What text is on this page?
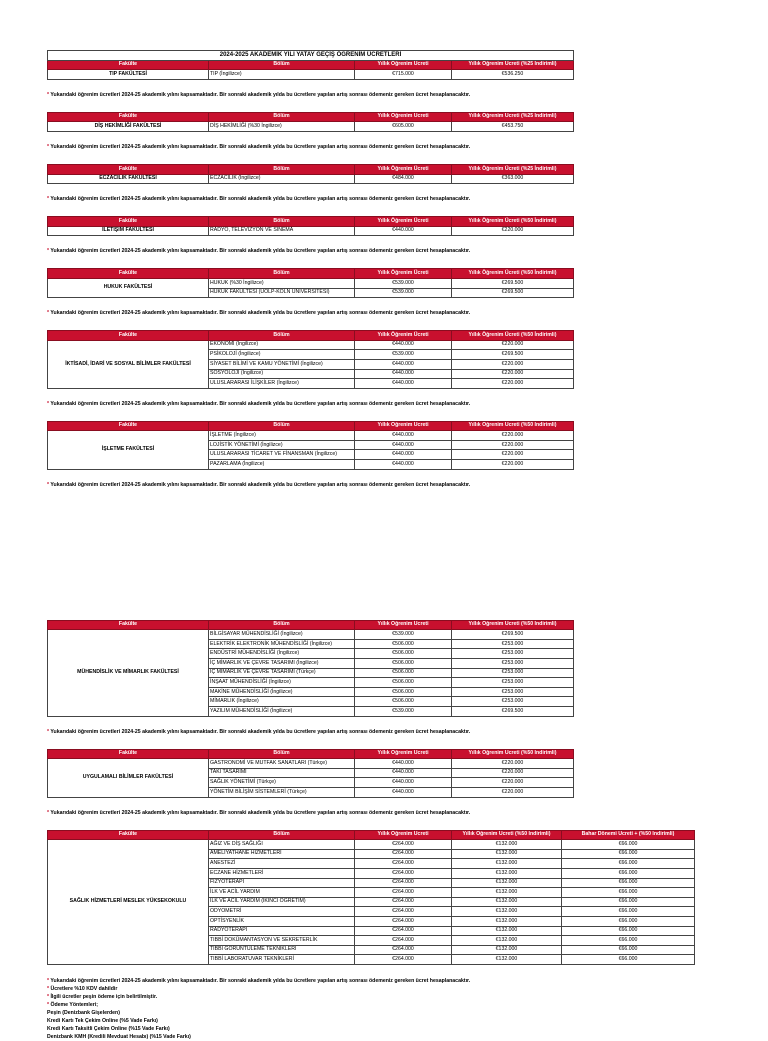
2024-2025 AKADEMİK YILI YATAY GEÇİŞ ÖĞRENİM ÜCRETLERİ			
Fakülte	Bölüm	Yıllık Öğrenim Ücreti	Yıllık Öğrenim Ücreti (%25 İndirimli)
TIP FAKÜLTESİ	TIP (İngilizce)	€715.000	€536.250

* Yukarıdaki öğrenim ücretleri 2024-25 akademik yılını kapsamaktadır. Bir sonraki akademik yılda bu ücretlere yapılan artış sonrası ödemeniz gereken ücret hesaplanacaktır.

Fakülte	Bölüm	Yıllık Öğrenim Ücreti	Yıllık Öğrenim Ücreti (%25 İndirimli)
DİŞ HEKİMLİĞİ FAKÜLTESİ	DİŞ HEKİMLİĞİ (%30 İngilizce)	€605.000	€453.750

* Yukarıdaki öğrenim ücretleri 2024-25 akademik yılını kapsamaktadır. Bir sonraki akademik yılda bu ücretlere yapılan artış sonrası ödemeniz gereken ücret hesaplanacaktır.

Fakülte	Bölüm	Yıllık Öğrenim Ücreti	Yıllık Öğrenim Ücreti (%25 İndirimli)
ECZACILIK FAKÜLTESİ	ECZACILIK (İngilizce)	€484.000	€363.000

* Yukarıdaki öğrenim ücretleri 2024-25 akademik yılını kapsamaktadır. Bir sonraki akademik yılda bu ücretlere yapılan artış sonrası ödemeniz gereken ücret hesaplanacaktır.

Fakülte	Bölüm	Yıllık Öğrenim Ücreti	Yıllık Öğrenim Ücreti (%50 İndirimli)
İLETİŞİM FAKÜLTESİ	RADYO, TELEVİZYON VE SİNEMA	€440.000	€220.000

* Yukarıdaki öğrenim ücretleri 2024-25 akademik yılını kapsamaktadır. Bir sonraki akademik yılda bu ücretlere yapılan artış sonrası ödemeniz gereken ücret hesaplanacaktır.

Fakülte	Bölüm	Yıllık Öğrenim Ücreti	Yıllık Öğrenim Ücreti (%50 İndirimli)
HUKUK FAKÜLTESİ	HUKUK (%30 İngilizce)	€539.000	€269.500
	HUKUK FAKÜLTESİ (UOLP-KÖLN ÜNİVERSİTESİ)	€539.000	€269.500

* Yukarıdaki öğrenim ücretleri 2024-25 akademik yılını kapsamaktadır. Bir sonraki akademik yılda bu ücretlere yapılan artış sonrası ödemeniz gereken ücret hesaplanacaktır.

Fakülte	Bölüm	Yıllık Öğrenim Ücreti	Yıllık Öğrenim Ücreti (%50 İndirimli)
İKTİSADİ, İDARİ VE SOSYAL BİLİMLER FAKÜLTESİ	EKONOMİ (İngilizce)	€440.000	€220.000
	PSİKOLOJİ (İngilizce)	€539.000	€269.500
	SİYASET BİLİMİ VE KAMU YÖNETİMİ (İngilizce)	€440.000	€220.000
	SOSYOLOJİ (İngilizce)	€440.000	€220.000
	ULUSLARARASI İLİŞKİLER (İngilizce)	€440.000	€220.000

* Yukarıdaki öğrenim ücretleri 2024-25 akademik yılını kapsamaktadır. Bir sonraki akademik yılda bu ücretlere yapılan artış sonrası ödemeniz gereken ücret hesaplanacaktır.

Fakülte	Bölüm	Yıllık Öğrenim Ücreti	Yıllık Öğrenim Ücreti (%50 İndirimli)
İŞLETME FAKÜLTESİ	İŞLETME (İngilizce)	€440.000	€220.000
	LOJİSTİK YÖNETİMİ (İngilizce)	€440.000	€220.000
	ULUSLARARASI TİCARET VE FİNANSMAN (İngilizce)	€440.000	€220.000
	PAZARLAMA (İngilizce)	€440.000	€220.000

* Yukarıdaki öğrenim ücretleri 2024-25 akademik yılını kapsamaktadır. Bir sonraki akademik yılda bu ücretlere yapılan artış sonrası ödemeniz gereken ücret hesaplanacaktır.

Fakülte	Bölüm	Yıllık Öğrenim Ücreti	Yıllık Öğrenim Ücreti (%50 İndirimli)
MÜHENDİSLİK VE MİMARLIK FAKÜLTESİ	BİLGİSAYAR MÜHENDİSLİĞİ (İngilizce)	€539.000	€269.500
	ELEKTRİK ELEKTRONİK MÜHENDİSLİĞİ (İngilizce)	€506.000	€253.000
	ENDÜSTRİ MÜHENDİSLİĞİ (İngilizce)	€506.000	€253.000
	İÇ MİMARLIK VE ÇEVRE TASARIMI (İngilizce)	€506.000	€253.000
	İÇ MİMARLIK VE ÇEVRE TASARIMI (Türkçe)	€506.000	€253.000
	İNŞAAT MÜHENDİSLİĞİ (İngilizce)	€506.000	€253.000
	MAKİNE MÜHENDİSLİĞİ (İngilizce)	€506.000	€253.000
	MİMARLIK (İngilizce)	€506.000	€253.000
	YAZILIM MÜHENDİSLİĞİ (İngilizce)	€539.000	€269.500

* Yukarıdaki öğrenim ücretleri 2024-25 akademik yılını kapsamaktadır. Bir sonraki akademik yılda bu ücretlere yapılan artış sonrası ödemeniz gereken ücret hesaplanacaktır.

Fakülte	Bölüm	Yıllık Öğrenim Ücreti	Yıllık Öğrenim Ücreti (%50 İndirimli)
UYGULAMALI BİLİMLER FAKÜLTESİ	GASTRONOMİ VE MUTFAK SANATLARI (Türkçe)	€440.000	€220.000
	TAKI TASARIMI	€440.000	€220.000
	SAĞLIK YÖNETİMİ (Türkçe)	€440.000	€220.000
	YÖNETİM BİLİŞİM SİSTEMLERİ (Türkçe)	€440.000	€220.000

* Yukarıdaki öğrenim ücretleri 2024-25 akademik yılını kapsamaktadır. Bir sonraki akademik yılda bu ücretlere yapılan artış sonrası ödemeniz gereken ücret hesaplanacaktır.

Fakülte	Bölüm	Yıllık Öğrenim Ücreti	Yıllık Öğrenim Ücreti (%50 İndirimli)	Bahar Dönemi Ücreti + (%50 İndirimli)
SAĞLIK HİZMETLERİ MESLEK YÜKSEKOKULU	AĞIZ VE DİŞ SAĞLIĞI	€264.000	€132.000	€66.000
	AMELİYATHANE HİZMETLERİ	€264.000	€132.000	€66.000
	ANESTEZİ	€264.000	€132.000	€66.000
	ECZANE HİZMETLERİ	€264.000	€132.000	€66.000
	FİZYOTERAPİ	€264.000	€132.000	€66.000
	İLK VE ACİL YARDIM	€264.000	€132.000	€66.000
	İLK VE ACİL YARDIM (İKİNCİ ÖĞRETİM)	€264.000	€132.000	€66.000
	ODYOMETRİ	€264.000	€132.000	€66.000
	OPTİSYENLİK	€264.000	€132.000	€66.000
	RADYOTERAPİ	€264.000	€132.000	€66.000
	TIBBİ DOKÜMANTASYON VE SEKRETERLİK	€264.000	€132.000	€66.000
	TIBBİ GÖRÜNTÜLEME TEKNİKLERİ	€264.000	€132.000	€66.000
	TIBBİ LABORATUVAR TEKNİKLERİ	€264.000	€132.000	€66.000

* Yukarıdaki öğrenim ücretleri 2024-25 akademik yılını kapsamaktadır. Bir sonraki akademik yılda bu ücretlere yapılan artış sonrası ödemeniz gereken ücret hesaplanacaktır.

* Ücretlere %10 KDV dahildir

* İlgili ücretler peşin ödeme için belirtilmiştir.

* Ödeme Yöntemleri;

Peşin (Denizbank Gişelerden)

Kredi Kartı Tek Çekim Online (%5 Vade Farkı)

Kredi Kartı Taksitli Çekim Online (%15 Vade Farkı)

Denizbank KMH (Kredili Mevduat Hesabı) (%15 Vade Farkı)
